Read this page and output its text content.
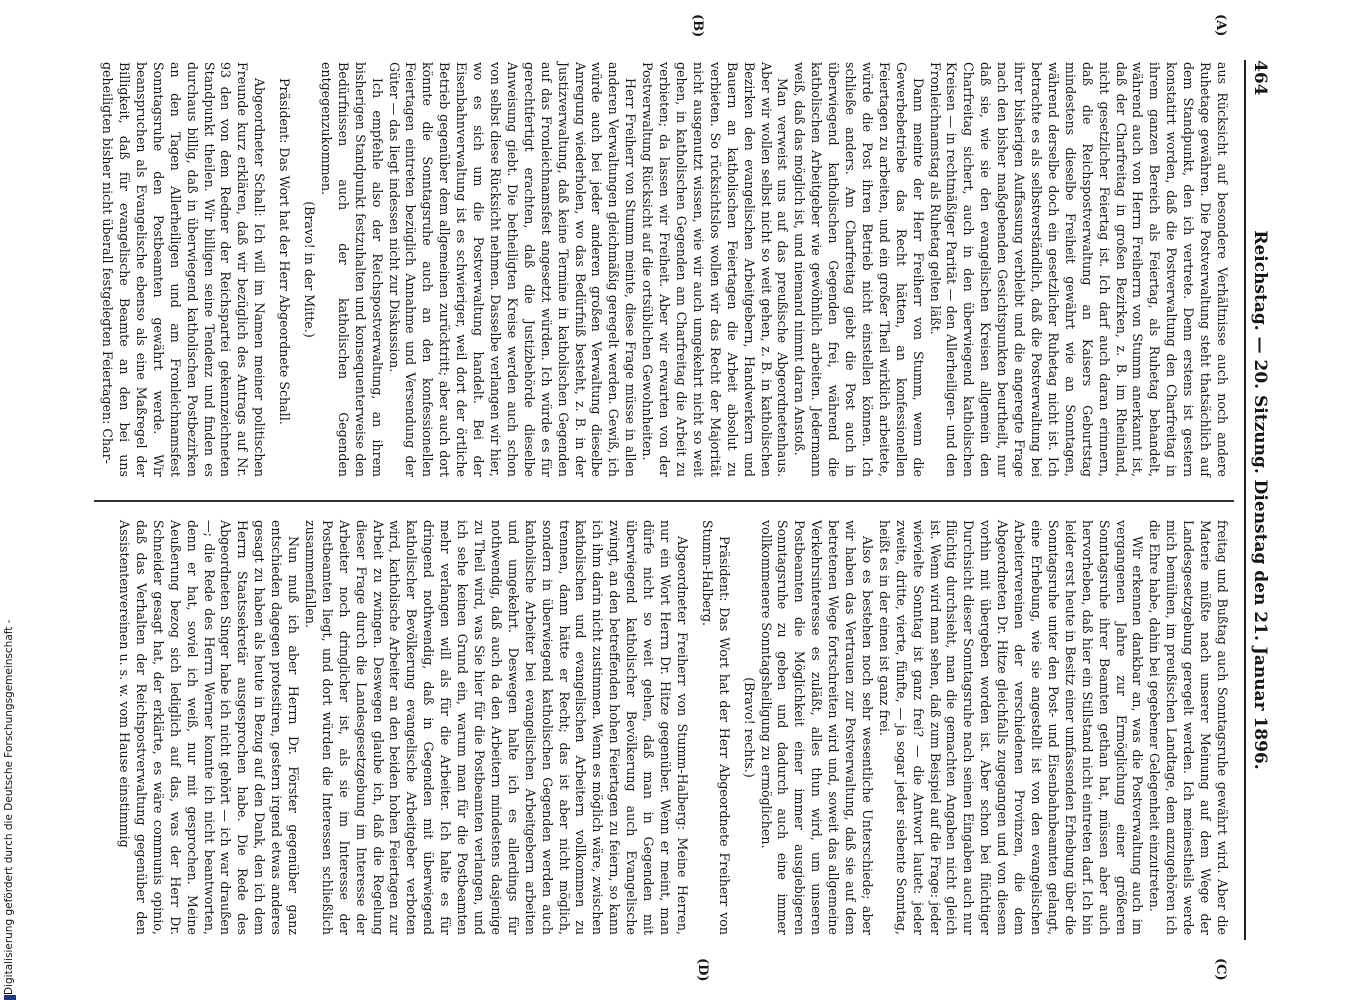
464
Reichstag. — 20. Sitzung. Dienstag den 21. Januar 1896.
(A)
(B)
(C)
(D)

aus Rücksicht auf besondere Verhältnisse auch noch andere Ruhetage gewähren. Die Postverwaltung steht thatsächlich auf dem Standpunkt, den ich vertrete. Denn erstens ist gestern konstatirt worden, daß die Postverwaltung den Charfreitag in ihrem ganzen Bereich als Feiertag, als Ruhetag behandelt, während auch von Herrn Freiherrn von Stumm anerkannt ist, daß der Charfreitag in großen Bezirken, z. B. im Rheinland, nicht gesetzlicher Feiertag ist. Ich darf auch daran erinnern, daß die Reichspostverwaltung an Kaisers Geburtstag mindestens dieselbe Freiheit gewährt wie an Sonntagen, während derselbe doch ein gesetzlicher Ruhetag nicht ist. Ich betrachte es als selbstverständlich, daß die Postverwaltung bei ihrer bisherigen Auffassung verbleibt und die angeregte Frage nach den bisher maßgebenden Gesichtspunkten beurtheilt, nur daß sie, wie sie den evangelischen Kreisen allgemein den Charfreitag sichert, auch in den überwiegend katholischen Kreisen — in rechtmäßiger Parität — den Allerheiligen- und den Fronleichnamstag als Ruhetag gelten läßt.

Dann meinte der Herr Freiherr von Stumm, wenn die Gewerbebetriebe das Recht hätten, an konfessionellen Feiertagen zu arbeiten, und ein großer Theil wirklich arbeitete, würde die Post ihren Betrieb nicht einstellen können. Ich schließe anders. Am Charfreitag giebt die Post auch in überwiegend katholischen Gegenden frei, während die katholischen Arbeitgeber wie gewöhnlich arbeiten. Jedermann weiß, daß das möglich ist, und niemand nimmt daran Anstoß.

Man verweist uns auf das preußische Abgeordnetenhaus. Aber wir wollen selbst nicht so weit gehen, z. B. in katholischen Bezirken den evangelischen Arbeitgebern, Handwerkern und Bauern an katholischen Feiertagen die Arbeit absolut zu verbieten. So rücksichtslos wollen wir das Recht der Majorität nicht ausgenutzt wissen, wie wir auch umgekehrt nicht so weit gehen, in katholischen Gegenden am Charfreitag die Arbeit zu verbieten; da lassen wir Freiheit. Aber wir erwarten von der Postverwaltung Rücksicht auf die ortsüblichen Gewohnheiten.

Herr Freiherr von Stumm meinte, diese Frage müsse in allen anderen Verwaltungen gleichmäßig geregelt werden. Gewiß, ich würde auch bei jeder anderen großen Verwaltung dieselbe Anregung wiederholen, wo das Bedürfniß besteht, z. B. in der Justizverwaltung, daß keine Termine in katholischen Gegenden auf das Fronleichnamsfest angesetzt würden. Ich würde es für gerechtfertigt erachten, daß die Justizbehörde dieselbe Anweisung giebt. Die betheiligten Kreise werden auch schon von selbst diese Rücksicht nehmen. Dasselbe verlangen wir hier, wo es sich um die Postverwaltung handelt. Bei der Eisenbahnverwaltung ist es schwieriger, weil dort der örtliche Betrieb gegenüber dem allgemeinen zurücktritt; aber auch dort könnte die Sonntagsruhe auch an den konfessionellen Feiertagen eintreten bezüglich Annahme und Versendung der Güter — das liegt indessen nicht zur Diskussion.

Ich empfehle also der Reichspostverwaltung, an ihrem bisherigen Standpunkt festzuhalten und konsequenterweise den Bedürfnissen auch der katholischen Gegenden entgegenzukommen.

(Bravo! in der Mitte.)

Präsident: Das Wort hat der Herr Abgeordnete Schall.

Abgeordneter Schall: Ich will im Namen meiner politischen Freunde kurz erklären, daß wir bezüglich des Antrags auf Nr. 93 den von dem Redner der Reichspartei gekennzeichneten Standpunkt theilen. Wir billigen seine Tendenz und finden es durchaus billig, daß in überwiegend katholischen Postbezirken an den Tagen Allerheiligen und am Fronleichnamsfest Sonntagsruhe den Postbeamten gewährt werde. Wir beanspruchen als Evangelische ebenso als eine Maßregel der Billigkeit, daß für evangelische Beamte an den bei uns geheiligten bisher nicht überall festgelegten Feiertagen: Char-

freitag und Bußtag auch Sonntagsruhe gewährt wird. Aber die Materie müßte nach unserer Meinung auf dem Wege der Landesgesetzgebung geregelt werden. Ich meinestheils werde mich bemühen, im preußischen Landtage, dem anzugehören ich die Ehre habe, dahin bei gegebener Gelegenheit einzutreten.

Wir erkennen dankbar an, was die Postverwaltung auch im vergangenen Jahre zur Ermöglichung einer größeren Sonntagsruhe ihrer Beamten gethan hat, müssen aber auch hervorheben, daß hier ein Stillstand nicht eintreten darf. Ich bin leider erst heute in Besitz einer umfassenden Erhebung über die Sonntagsruhe unter den Post- und Eisenbahnbeamten gelangt, eine Erhebung, wie sie angestellt ist von den evangelischen Arbeitervereinen der verschiedenen Provinzen, die dem Abgeordneten Dr. Hitze gleichfalls zugegangen und von diesem vorhin mit übergeben worden ist. Aber schon bei flüchtiger Durchsicht dieser Sonntagsruhe nach seinen Eingaben auch nur flüchtig durchsieht, man die gemachten Angaben nicht gleich ist. Wenn wird man sehen, daß zum Beispiel auf die Frage: jeder wievielte Sonntag ist ganz frei? — die Antwort lautet: jeder zweite, dritte, vierte, fünfte, — ja sogar jeder siebente Sonntag, heißt es in der einen ist ganz frei.

Also es bestehen noch sehr wesentliche Unterschiede; aber wir haben das Vertrauen zur Postverwaltung, daß sie auf dem betretenen Wege fortschreiten wird und, soweit das allgemeine Verkehrsinteresse es zuläßt, alles thun wird, um unseren Postbeamten die Möglichkeit einer immer ausgiebigeren Sonntagsruhe zu geben und dadurch auch eine immer vollkommenere Sonntagsheiligung zu ermöglichen.

(Bravo! rechts.)

Präsident: Das Wort hat der Herr Abgeordnete Freiherr von Stumm-Halberg.

Abgeordneter Freiherr von Stumm-Halberg: Meine Herren, nur ein Wort Herrn Dr. Hitze gegenüber. Wenn er meint, man dürfe nicht so weit gehen, daß man in Gegenden mit überwiegend katholischer Bevölkerung auch Evangelische zwingt, an den betreffenden hohen Feiertagen zu feiern, so kann ich ihm darin nicht zustimmen. Wenn es möglich wäre, zwischen katholischen und evangelischen Arbeitern vollkommen zu trennen, dann hätte er Recht; das ist aber nicht möglich, sondern in überwiegend katholischen Gegenden werden auch katholische Arbeiter bei evangelischen Arbeitgebern arbeiten und umgekehrt. Deswegen halte ich es allerdings für nothwendig, daß auch da den Arbeitern mindestens dasjenige zu Theil wird, was Sie hier für die Postbeamten verlangen, und ich sehe keinen Grund ein, warum man für die Postbeamten mehr verlangen will als für die Arbeiter. Ich halte es für dringend nothwendig, daß in Gegenden mit überwiegend katholischer Bevölkerung evangelische Arbeitgeber verboten wird, katholische Arbeiter an den beiden hohen Feiertagen zur Arbeit zu zwingen. Deswegen glaube ich, daß die Regelung dieser Frage durch die Landesgesetzgebung im Interesse der Arbeiter noch dringlicher ist, als sie im Interesse der Postbeamten liegt, und dort würden die Interessen schließlich zusammenfallen.

Nun muß ich aber Herrn Dr. Förster gegenüber ganz entschieden dagegen protestiren, gestern irgend etwas anderes gesagt zu haben als heute in Bezug auf den Dank, den ich dem Herrn Staatssekretär ausgesprochen habe. Die Rede des Abgeordneten Singer habe ich nicht gehört — ich war draußen —; die Rede des Herrn Werner konnte ich nicht beantworten, denn er hat, soviel ich weiß, nur mit gesprochen. Meine Aeußerung bezog sich lediglich auf das, was der Herr Dr. Schneider gesagt hat, der erklärte, es wäre communis opinio, daß das Verhalten der Reichspostverwaltung gegenüber den Assistentenvereinen u. s. w. vom Hause einstimmig

Digitalisierung gefördert durch die Deutsche Forschungsgemeinschaft -
